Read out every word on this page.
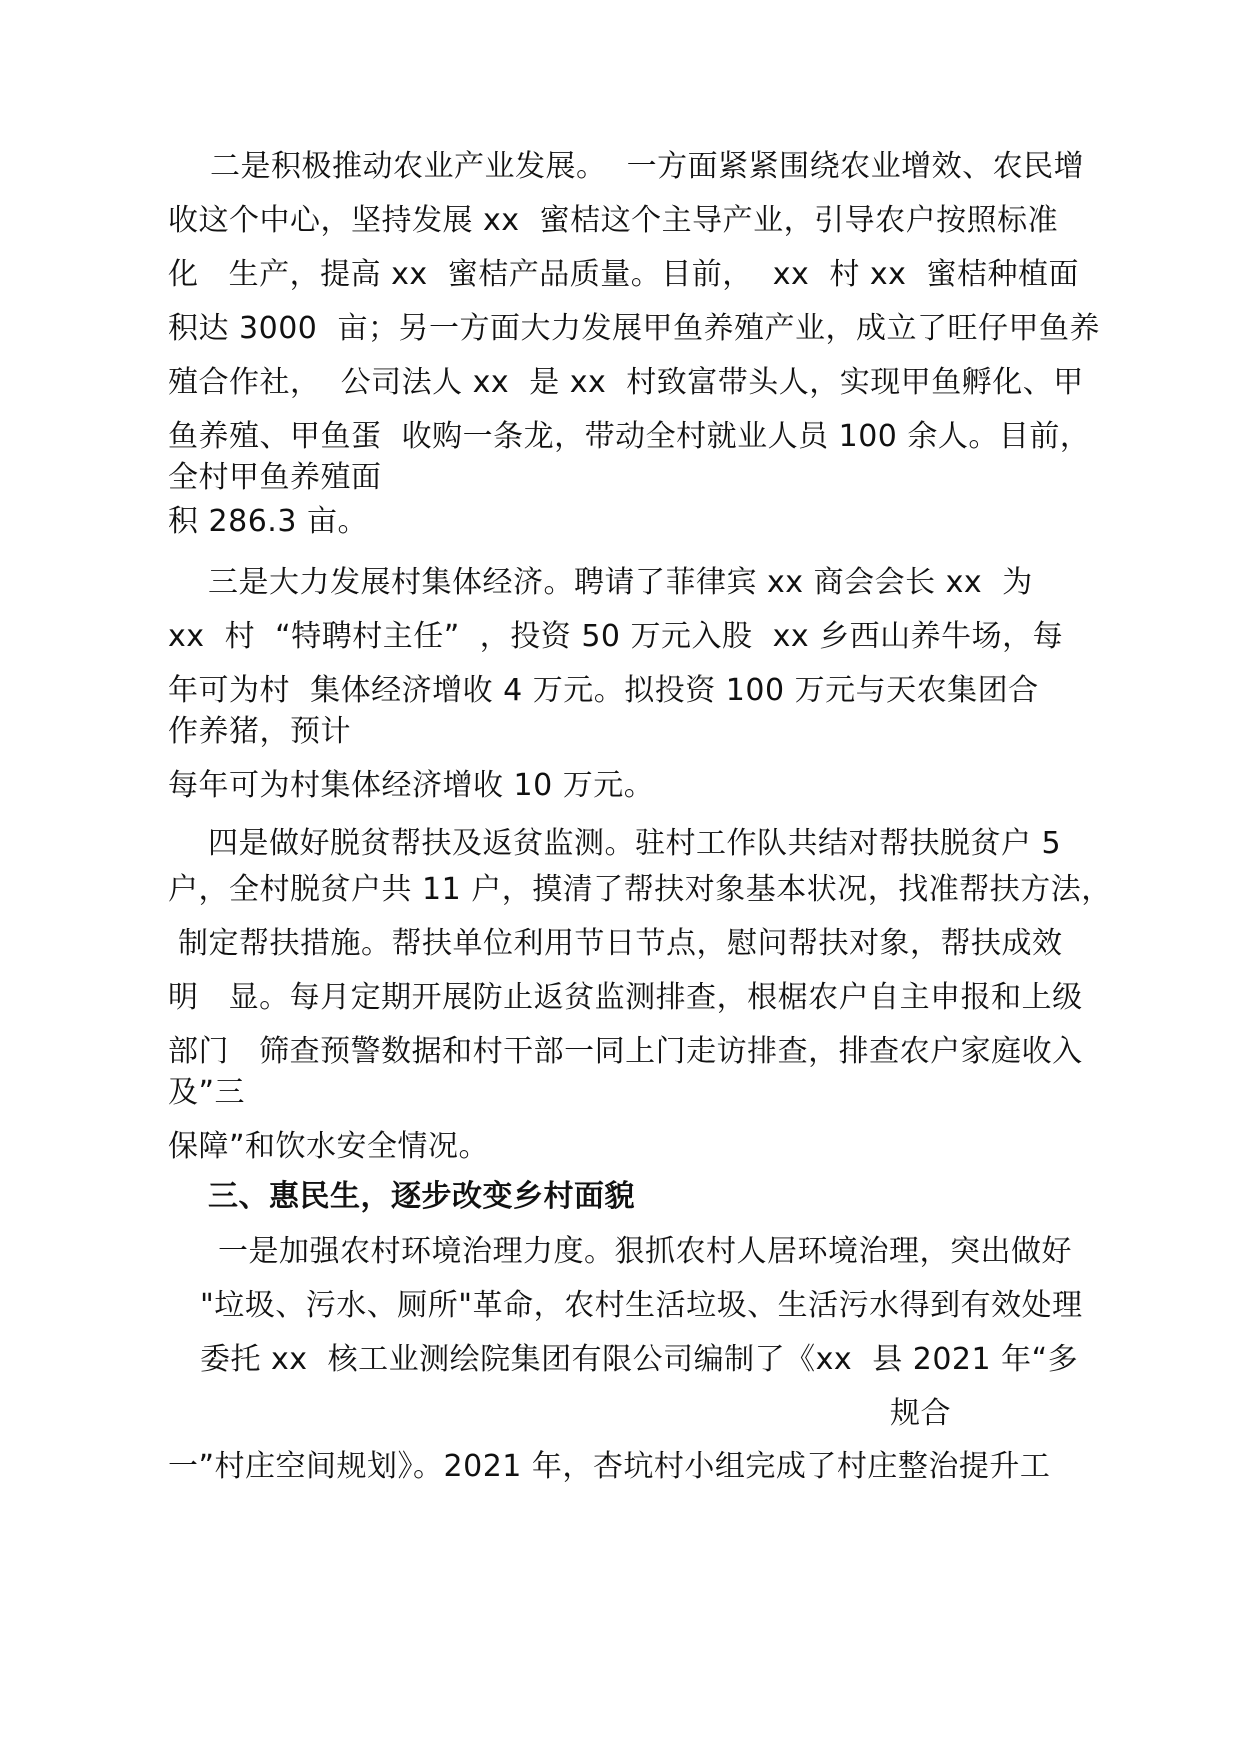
二是积极推动农业产业发展。  一方面紧紧围绕农业增效、农民增
收这个中心，坚持发展 xx  蜜桔这个主导产业，引导农户按照标准
化   生产，提高 xx  蜜桔产品质量。目前，  xx  村 xx  蜜桔种植面
积达 3000  亩；另一方面大力发展甲鱼养殖产业，成立了旺仔甲鱼养
殖合作社，  公司法人 xx  是 xx  村致富带头人，实现甲鱼孵化、甲
鱼养殖、甲鱼蛋  收购一条龙，带动全村就业人员 100 余人。目前，
全村甲鱼养殖面
积 286.3 亩。
三是大力发展村集体经济。聘请了菲律宾 xx 商会会长 xx  为
xx  村  “特聘村主任”  ，投资 50 万元入股  xx 乡西山养牛场，每
年可为村  集体经济增收 4 万元。拟投资 100 万元与天农集团合
作养猪，预计
每年可为村集体经济增收 10 万元。
四是做好脱贫帮扶及返贫监测。驻村工作队共结对帮扶脱贫户 5
户，全村脱贫户共 11 户，摸清了帮扶对象基本状况，找准帮扶方法，
制定帮扶措施。帮扶单位利用节日节点，慰问帮扶对象，帮扶成效
明   显。每月定期开展防止返贫监测排查，根椐农户自主申报和上级
部门   筛查预警数据和村干部一同上门走访排查，排查农户家庭收入
及”三
保障”和饮水安全情况。
三、惠民生，逐步改变乡村面貌
一是加强农村环境治理力度。狠抓农村人居环境治理，突出做好
"垃圾、污水、厕所"革命，农村生活垃圾、生活污水得到有效处理
委托 xx  核工业测绘院集团有限公司编制了《xx  县 2021 年“多
规合
一”村庄空间规划》。2021 年，杏坑村小组完成了村庄整治提升工
